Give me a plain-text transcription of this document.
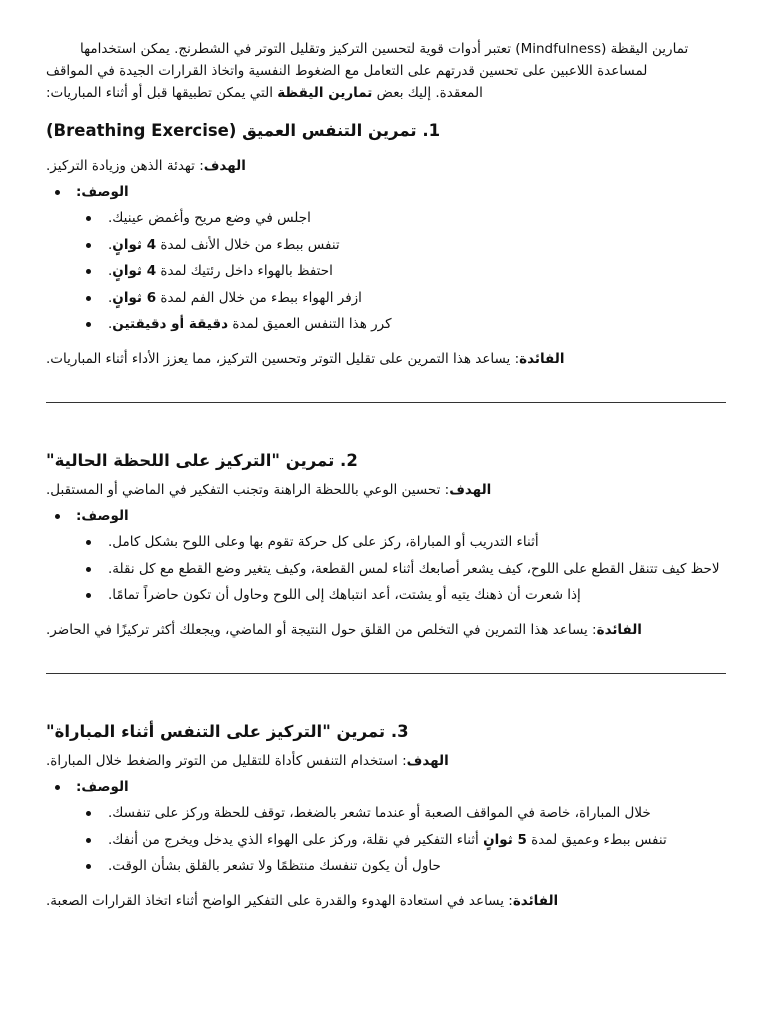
تعتبر أدوات قوية لتحسين التركيز وتقليل التوتر في الشطرنج. يمكن استخدامها (Mindfulness) تمارين اليقظة
لمساعدة اللاعبين على تحسين قدرتهم على التعامل مع الضغوط النفسية واتخاذ القرارات الجيدة في المواقف
المعقدة. إليك بعض تمارين اليقظة التي يمكن تطبيقها قبل أو أثناء المباريات:

1. تمرين التنفس العميق (Breathing Exercise)

الهدف: تهدئة الذهن وزيادة التركيز.

الوصف:
اجلس في وضع مريح وأغمض عينيك.
تنفس ببطء من خلال الأنف لمدة 4 ثوانٍ.
احتفظ بالهواء داخل رئتيك لمدة 4 ثوانٍ.
ازفر الهواء ببطء من خلال الفم لمدة 6 ثوانٍ.
كرر هذا التنفس العميق لمدة دقيقة أو دقيقتين.

الفائدة: يساعد هذا التمرين على تقليل التوتر وتحسين التركيز، مما يعزز الأداء أثناء المباريات.

2. تمرين "التركيز على اللحظة الحالية"

الهدف: تحسين الوعي باللحظة الراهنة وتجنب التفكير في الماضي أو المستقبل.

الوصف:
أثناء التدريب أو المباراة، ركز على كل حركة تقوم بها وعلى اللوح بشكل كامل.
لاحظ كيف تتنقل القطع على اللوح، كيف يشعر أصابعك أثناء لمس القطعة، وكيف يتغير وضع القطع مع كل نقلة.
إذا شعرت أن ذهنك يتيه أو يشتت، أعد انتباهك إلى اللوح وحاول أن تكون حاضراً تمامًا.

الفائدة: يساعد هذا التمرين في التخلص من القلق حول النتيجة أو الماضي، ويجعلك أكثر تركيزًا في الحاضر.

3. تمرين "التركيز على التنفس أثناء المباراة"

الهدف: استخدام التنفس كأداة للتقليل من التوتر والضغط خلال المباراة.

الوصف:
خلال المباراة، خاصة في المواقف الصعبة أو عندما تشعر بالضغط، توقف للحظة وركز على تنفسك.
تنفس ببطء وعميق لمدة 5 ثوانٍ أثناء التفكير في نقلة، وركز على الهواء الذي يدخل ويخرج من أنفك.
حاول أن يكون تنفسك منتظمًا ولا تشعر بالقلق بشأن الوقت.

الفائدة: يساعد في استعادة الهدوء والقدرة على التفكير الواضح أثناء اتخاذ القرارات الصعبة.
